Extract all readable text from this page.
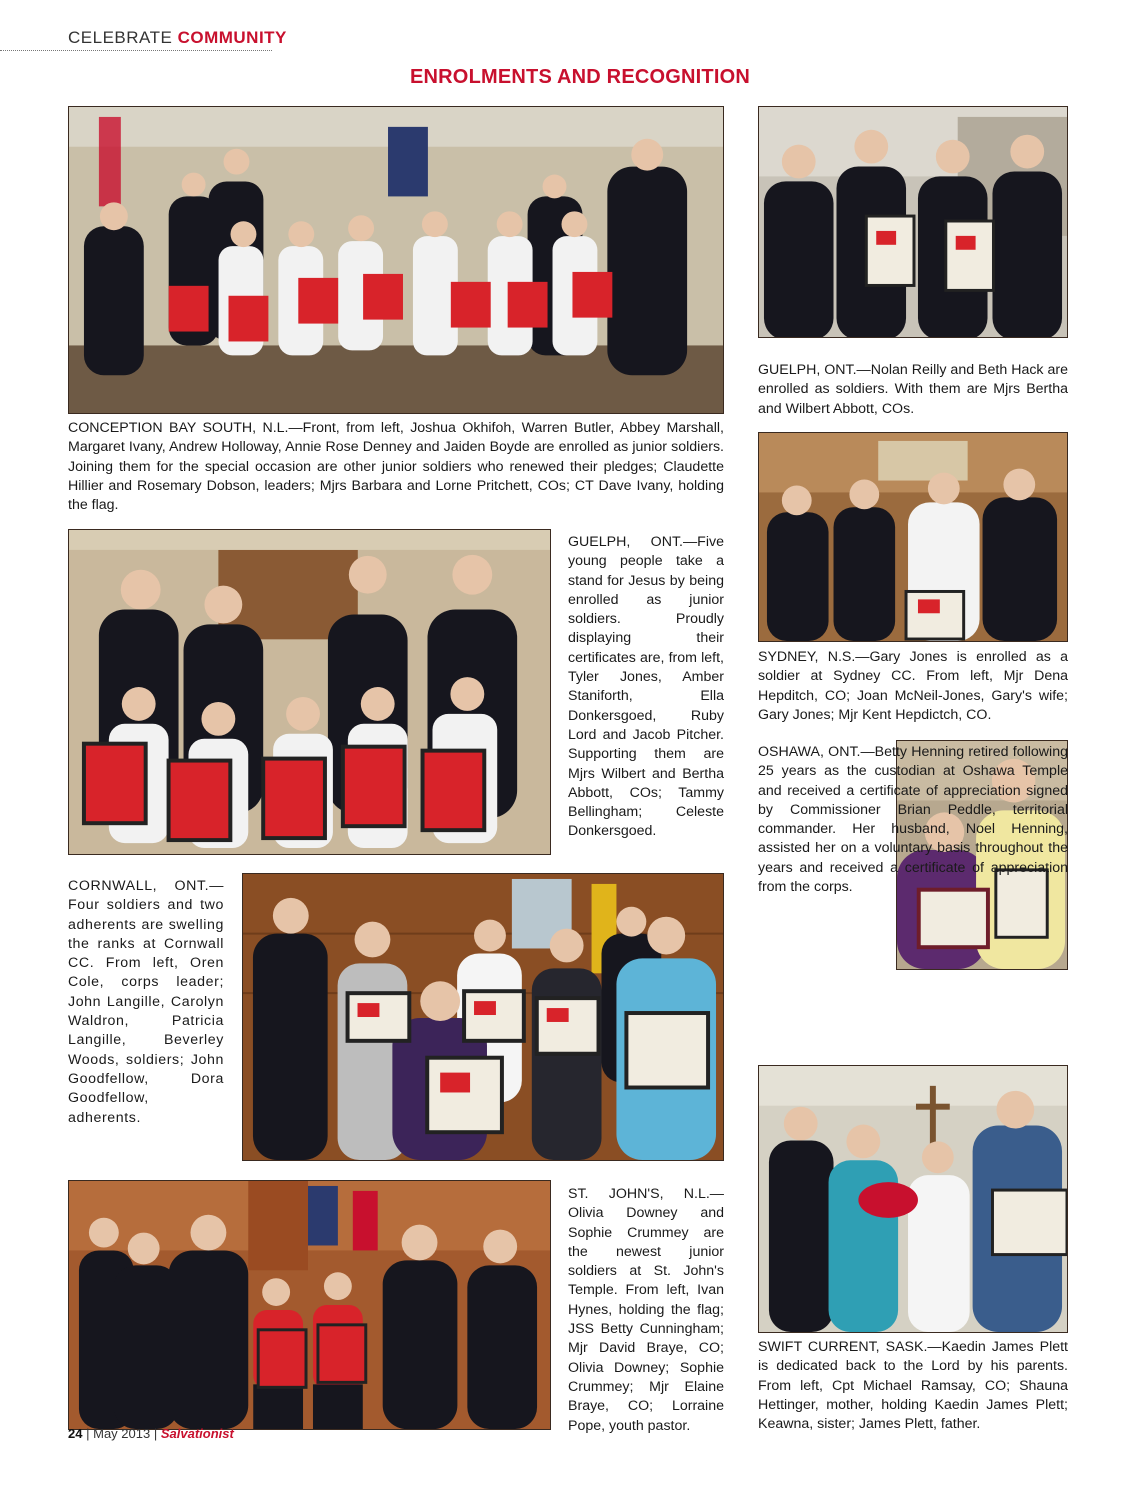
CELEBRATE COMMUNITY
ENROLMENTS AND RECOGNITION
CONCEPTION BAY SOUTH, N.L.—Front, from left, Joshua Okhifoh, Warren Butler, Abbey Marshall, Margaret Ivany, Andrew Holloway, Annie Rose Denney and Jaiden Boyde are enrolled as junior soldiers. Joining them for the special occasion are other junior soldiers who renewed their pledges; Claudette Hillier and Rosemary Dobson, leaders; Mjrs Barbara and Lorne Pritchett, COs; CT Dave Ivany, holding the flag.
GUELPH, ONT.—Nolan Reilly and Beth Hack are enrolled as soldiers. With them are Mjrs Bertha and Wilbert Abbott, COs.
SYDNEY, N.S.—Gary Jones is enrolled as a soldier at Sydney CC. From left, Mjr Dena Hepditch, CO; Joan McNeil-Jones, Gary's wife; Gary Jones; Mjr Kent Hepdictch, CO.
GUELPH, ONT.—Five young people take a stand for Jesus by being enrolled as junior soldiers. Proudly displaying their certificates are, from left, Tyler Jones, Amber Staniforth, Ella Donkersgoed, Ruby Lord and Jacob Pitcher. Supporting them are Mjrs Wilbert and Bertha Abbott, COs; Tammy Bellingham; Celeste Donkersgoed.
OSHAWA, ONT.—Betty Henning retired following 25 years as the custodian at Oshawa Temple and received a certificate of appreciation signed by Commissioner Brian Peddle, territorial commander. Her husband, Noel Henning, assisted her on a voluntary basis throughout the years and received a certificate of appreciation from the corps.
CORNWALL, ONT.—Four soldiers and two adherents are swelling the ranks at Cornwall CC. From left, Oren Cole, corps leader; John Langille, Carolyn Waldron, Patricia Langille, Beverley Woods, soldiers; John Goodfellow, Dora Goodfellow, adherents.
SWIFT CURRENT, SASK.—Kaedin James Plett is dedicated back to the Lord by his parents. From left, Cpt Michael Ramsay, CO; Shauna Hettinger, mother, holding Kaedin James Plett; Keawna, sister; James Plett, father.
ST. JOHN'S, N.L.—Olivia Downey and Sophie Crummey are the newest junior soldiers at St. John's Temple. From left, Ivan Hynes, holding the flag; JSS Betty Cunningham; Mjr David Braye, CO; Olivia Downey; Sophie Crummey; Mjr Elaine Braye, CO; Lorraine Pope, youth pastor.
24 | May 2013 | Salvationist
